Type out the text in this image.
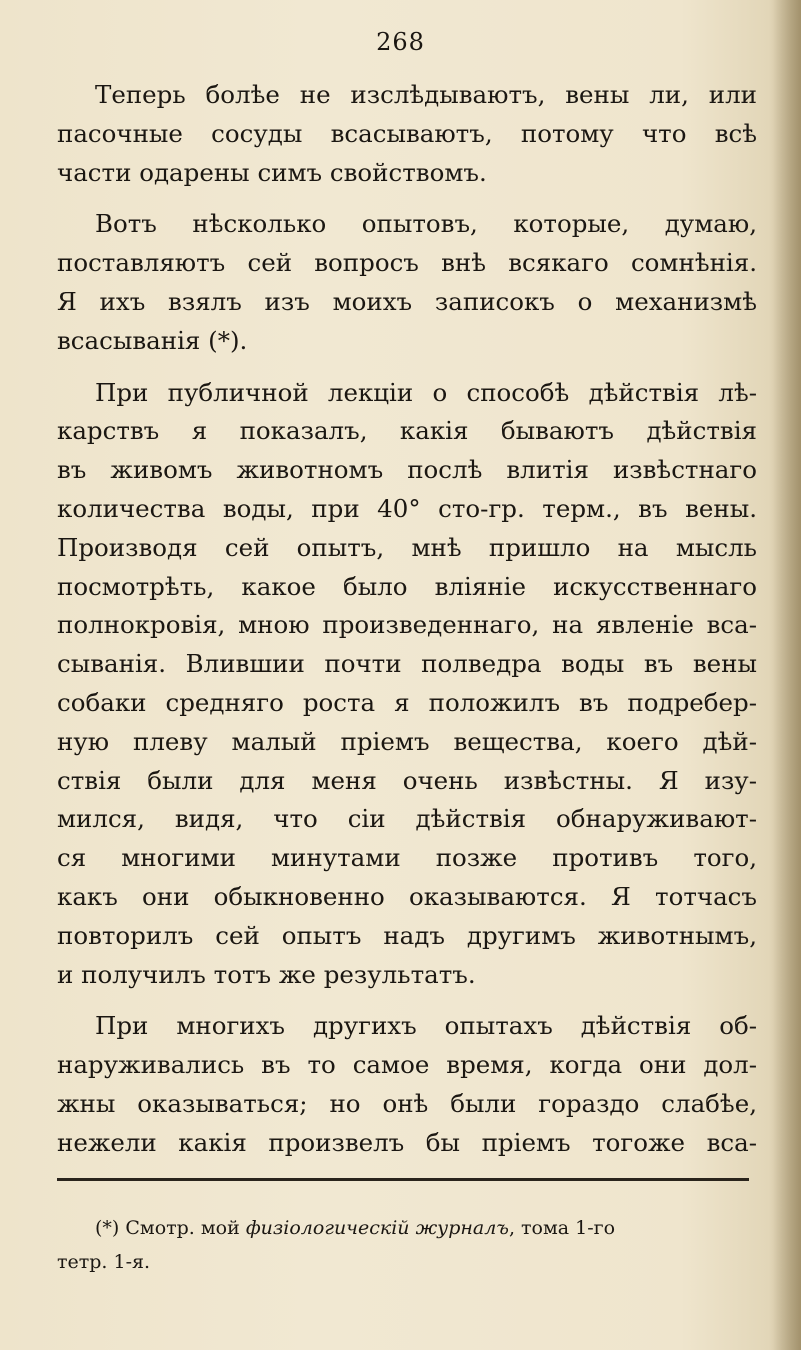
268
Теперь болѣе не изслѣдываютъ, вены ли, или
пасочные сосуды всасываютъ, потому что всѣ
части одарены симъ свойствомъ.
Вотъ нѣсколько опытовъ, которые, думаю,
поставляютъ сей вопросъ внѣ всякаго сомнѣнія.
Я ихъ взялъ изъ моихъ записокъ о механизмѣ
всасыванія (*).
При публичной лекціи о способѣ дѣйствія лѣ-
карствъ я показалъ, какія бываютъ дѣйствія
въ живомъ животномъ послѣ влитія извѣстнаго
количества воды, при 40° сто-гр. терм., въ вены.
Производя сей опытъ, мнѣ пришло на мысль
посмотрѣть, какое было вліяніе искусственнаго
полнокровія, мною произведеннаго, на явленіе вса-
сыванія. Влившии почти полведра воды въ вены
собаки средняго роста я положилъ въ подребер-
ную плеву малый пріемъ вещества, коего дѣй-
ствія были для меня очень извѣстны. Я изу-
мился, видя, что сіи дѣйствія обнаруживают-
ся многими минутами позже противъ того,
какъ они обыкновенно оказываются. Я тотчасъ
повторилъ сей опытъ надъ другимъ животнымъ,
и получилъ тотъ же результатъ.
При многихъ другихъ опытахъ дѣйствія об-
наруживались въ то самое время, когда они дол-
жны оказываться; но онѣ были гораздо слабѣе,
нежели какія произвелъ бы пріемъ тогоже вса-
(*) Смотр. мой физiологическiй журналъ, тома 1-го
тетр. 1-я.
